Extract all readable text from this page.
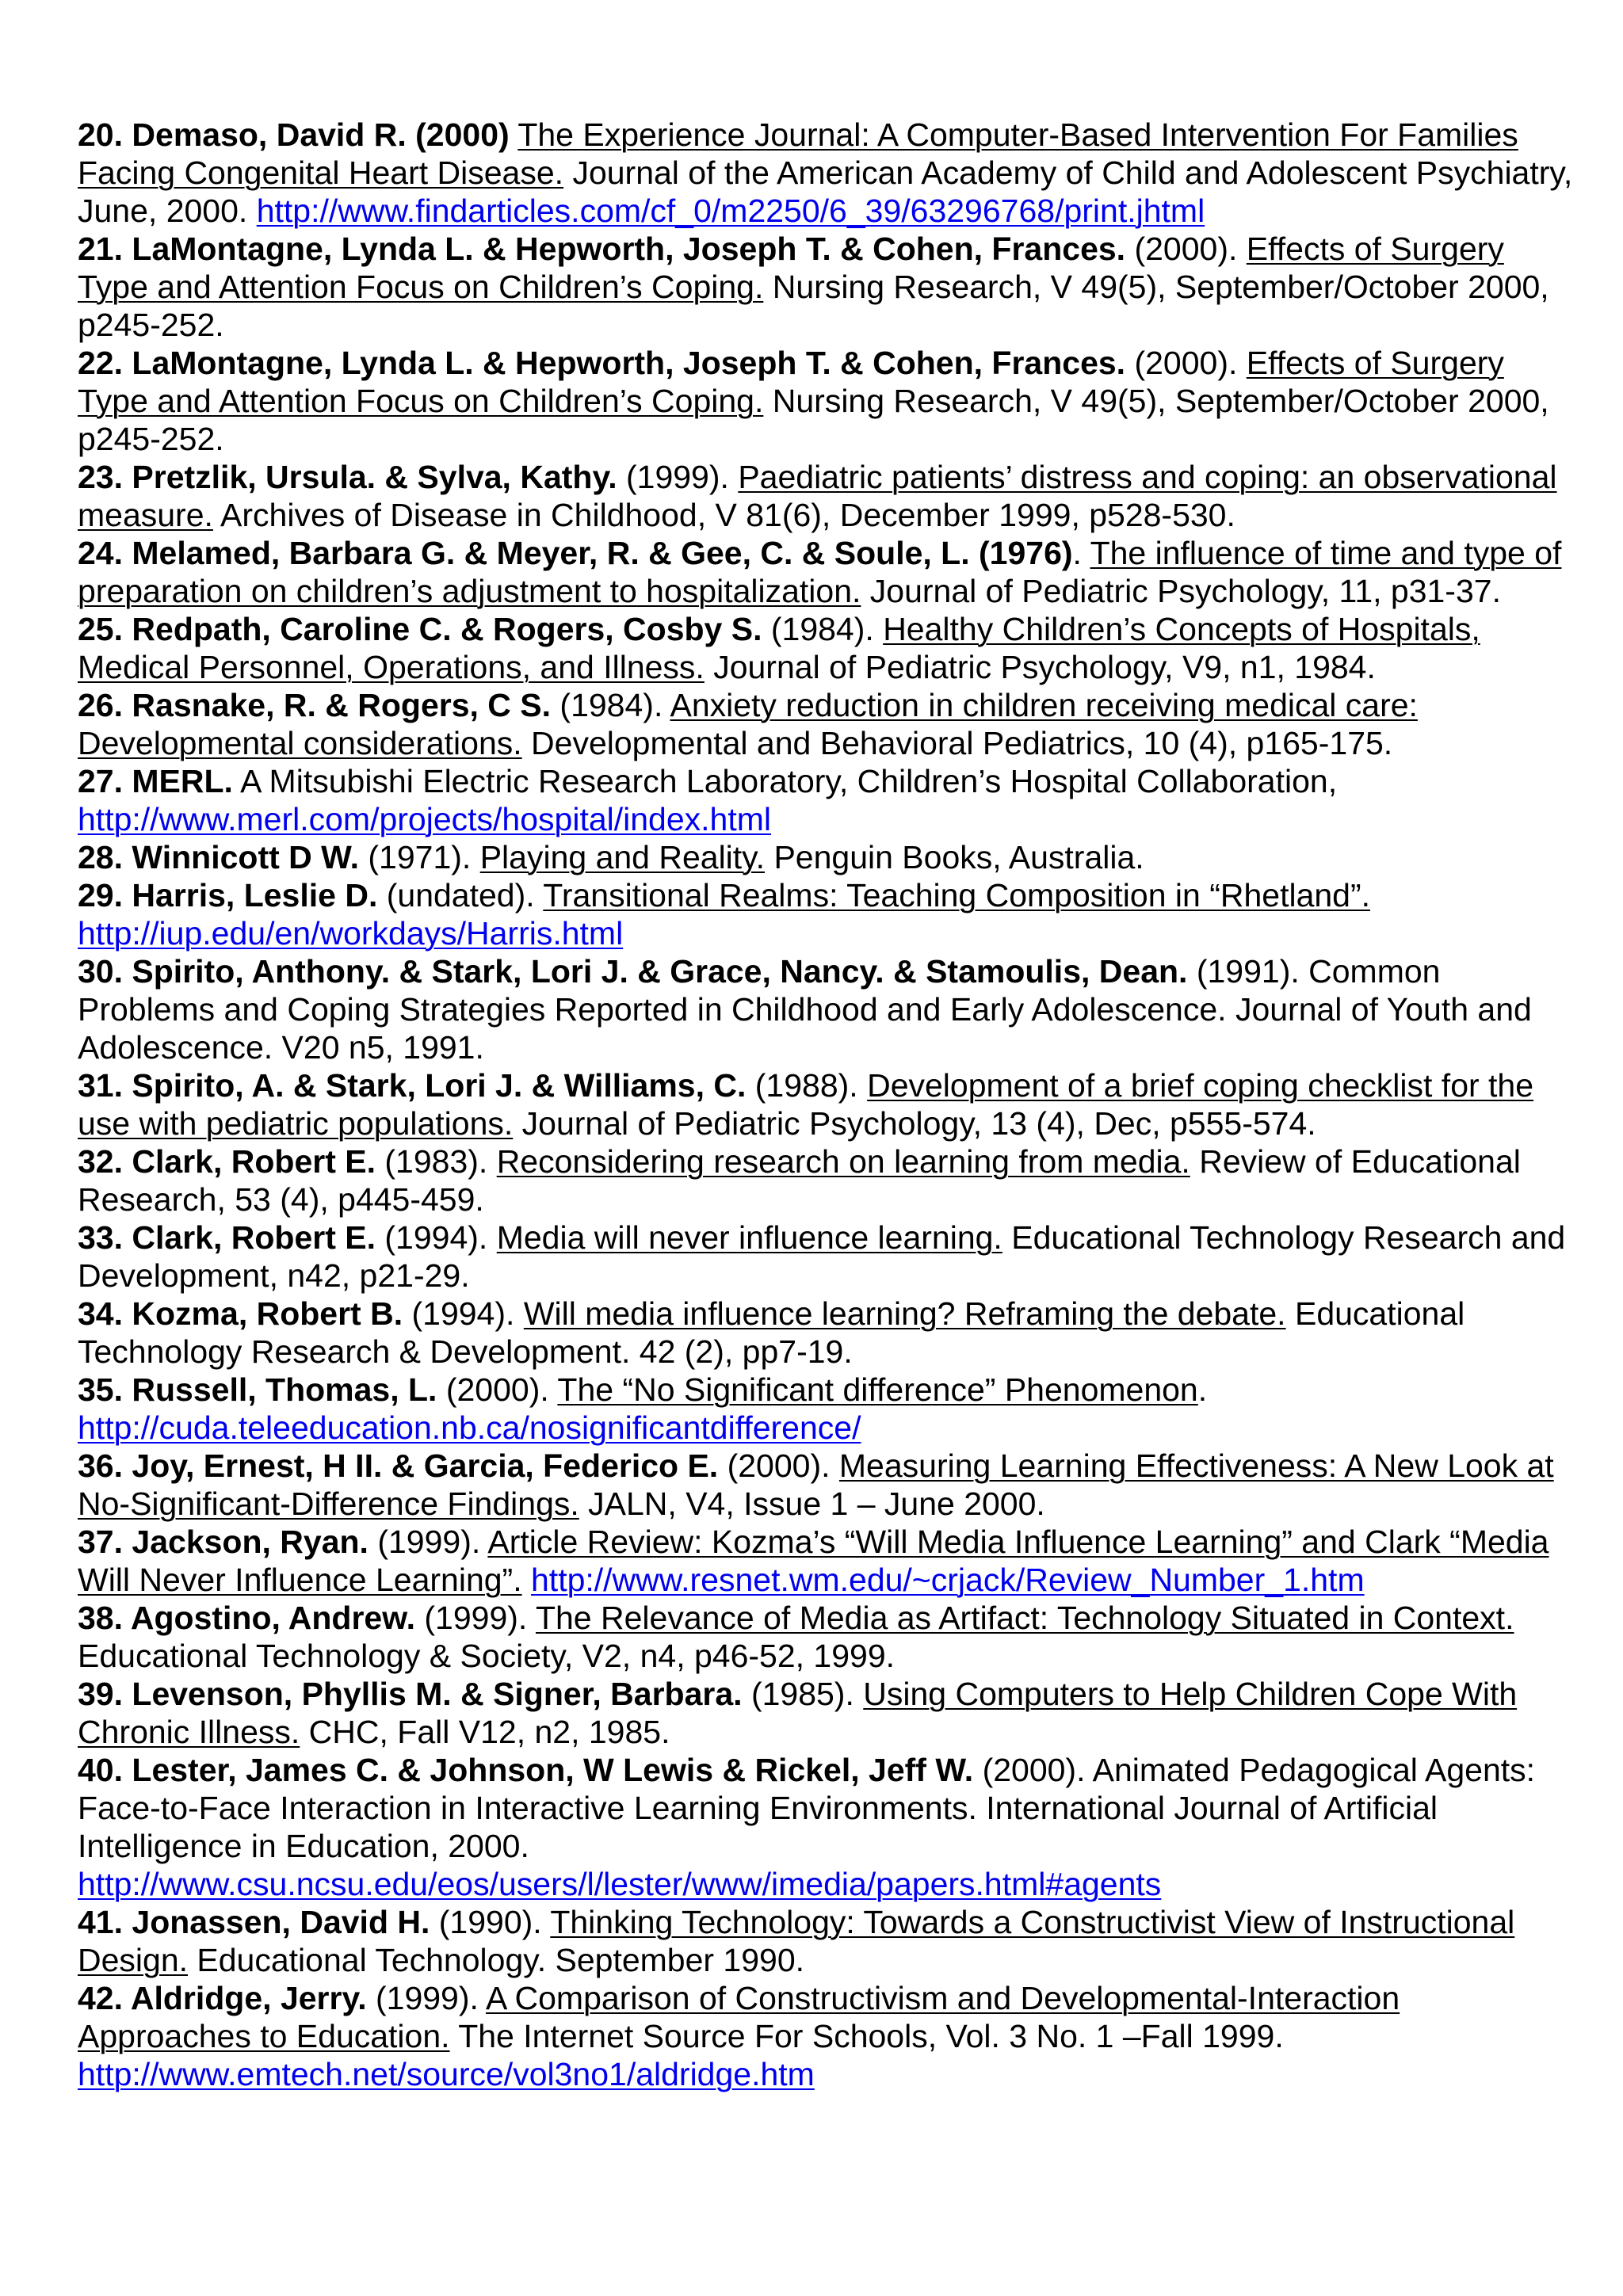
20. Demaso, David R. (2000) The Experience Journal: A Computer-Based Intervention For Families Facing Congenital Heart Disease. Journal of the American Academy of Child and Adolescent Psychiatry, June, 2000. http://www.findarticles.com/cf_0/m2250/6_39/63296768/print.jhtml

21. LaMontagne, Lynda L. & Hepworth, Joseph T. & Cohen, Frances. (2000). Effects of Surgery Type and Attention Focus on Children’s Coping. Nursing Research, V 49(5), September/October 2000, p245-252.

22. LaMontagne, Lynda L. & Hepworth, Joseph T. & Cohen, Frances. (2000). Effects of Surgery Type and Attention Focus on Children’s Coping. Nursing Research, V 49(5), September/October 2000, p245-252.

23. Pretzlik, Ursula. & Sylva, Kathy. (1999). Paediatric patients’ distress and coping: an observational measure. Archives of Disease in Childhood, V 81(6), December 1999, p528-530.

24. Melamed, Barbara G. & Meyer, R. & Gee, C. & Soule, L. (1976). The influence of time and type of preparation on children’s adjustment to hospitalization. Journal of Pediatric Psychology, 11, p31-37.

25. Redpath, Caroline C. & Rogers, Cosby S. (1984). Healthy Children’s Concepts of Hospitals, Medical Personnel, Operations, and Illness. Journal of Pediatric Psychology, V9, n1, 1984.

26. Rasnake, R. & Rogers, C S. (1984). Anxiety reduction in children receiving medical care: Developmental considerations. Developmental and Behavioral Pediatrics, 10 (4), p165-175.

27. MERL. A Mitsubishi Electric Research Laboratory, Children’s Hospital Collaboration, http://www.merl.com/projects/hospital/index.html

28. Winnicott D W. (1971). Playing and Reality. Penguin Books, Australia.

29. Harris, Leslie D. (undated). Transitional Realms: Teaching Composition in “Rhetland”. http://iup.edu/en/workdays/Harris.html

30. Spirito, Anthony. & Stark, Lori J. & Grace, Nancy. & Stamoulis, Dean. (1991). Common Problems and Coping Strategies Reported in Childhood and Early Adolescence. Journal of Youth and Adolescence. V20 n5, 1991.

31. Spirito, A. & Stark, Lori J. & Williams, C. (1988). Development of a brief coping checklist for the use with pediatric populations. Journal of Pediatric Psychology, 13 (4), Dec, p555-574.

32. Clark, Robert E. (1983). Reconsidering research on learning from media. Review of Educational Research, 53 (4), p445-459.

33. Clark, Robert E. (1994). Media will never influence learning. Educational Technology Research and Development, n42, p21-29.

34. Kozma, Robert B. (1994). Will media influence learning? Reframing the debate. Educational Technology Research & Development. 42 (2), pp7-19.

35. Russell, Thomas, L. (2000). The “No Significant difference” Phenomenon. http://cuda.teleeducation.nb.ca/nosignificantdifference/

36. Joy, Ernest, H II. & Garcia, Federico E. (2000). Measuring Learning Effectiveness: A New Look at No-Significant-Difference Findings. JALN, V4, Issue 1 – June 2000.

37. Jackson, Ryan. (1999). Article Review: Kozma’s “Will Media Influence Learning” and Clark “Media Will Never Influence Learning”. http://www.resnet.wm.edu/~crjack/Review_Number_1.htm

38. Agostino, Andrew. (1999). The Relevance of Media as Artifact: Technology Situated in Context. Educational Technology & Society, V2, n4, p46-52, 1999.

39. Levenson, Phyllis M. & Signer, Barbara. (1985). Using Computers to Help Children Cope With Chronic Illness. CHC, Fall V12, n2, 1985.

40. Lester, James C. & Johnson, W Lewis & Rickel, Jeff W. (2000). Animated Pedagogical Agents: Face-to-Face Interaction in Interactive Learning Environments. International Journal of Artificial Intelligence in Education, 2000. http://www.csu.ncsu.edu/eos/users/l/lester/www/imedia/papers.html#agents

41. Jonassen, David H. (1990). Thinking Technology: Towards a Constructivist View of Instructional Design. Educational Technology. September 1990.

42. Aldridge, Jerry. (1999). A Comparison of Constructivism and Developmental-Interaction Approaches to Education. The Internet Source For Schools, Vol. 3 No. 1 –Fall 1999. http://www.emtech.net/source/vol3no1/aldridge.htm
